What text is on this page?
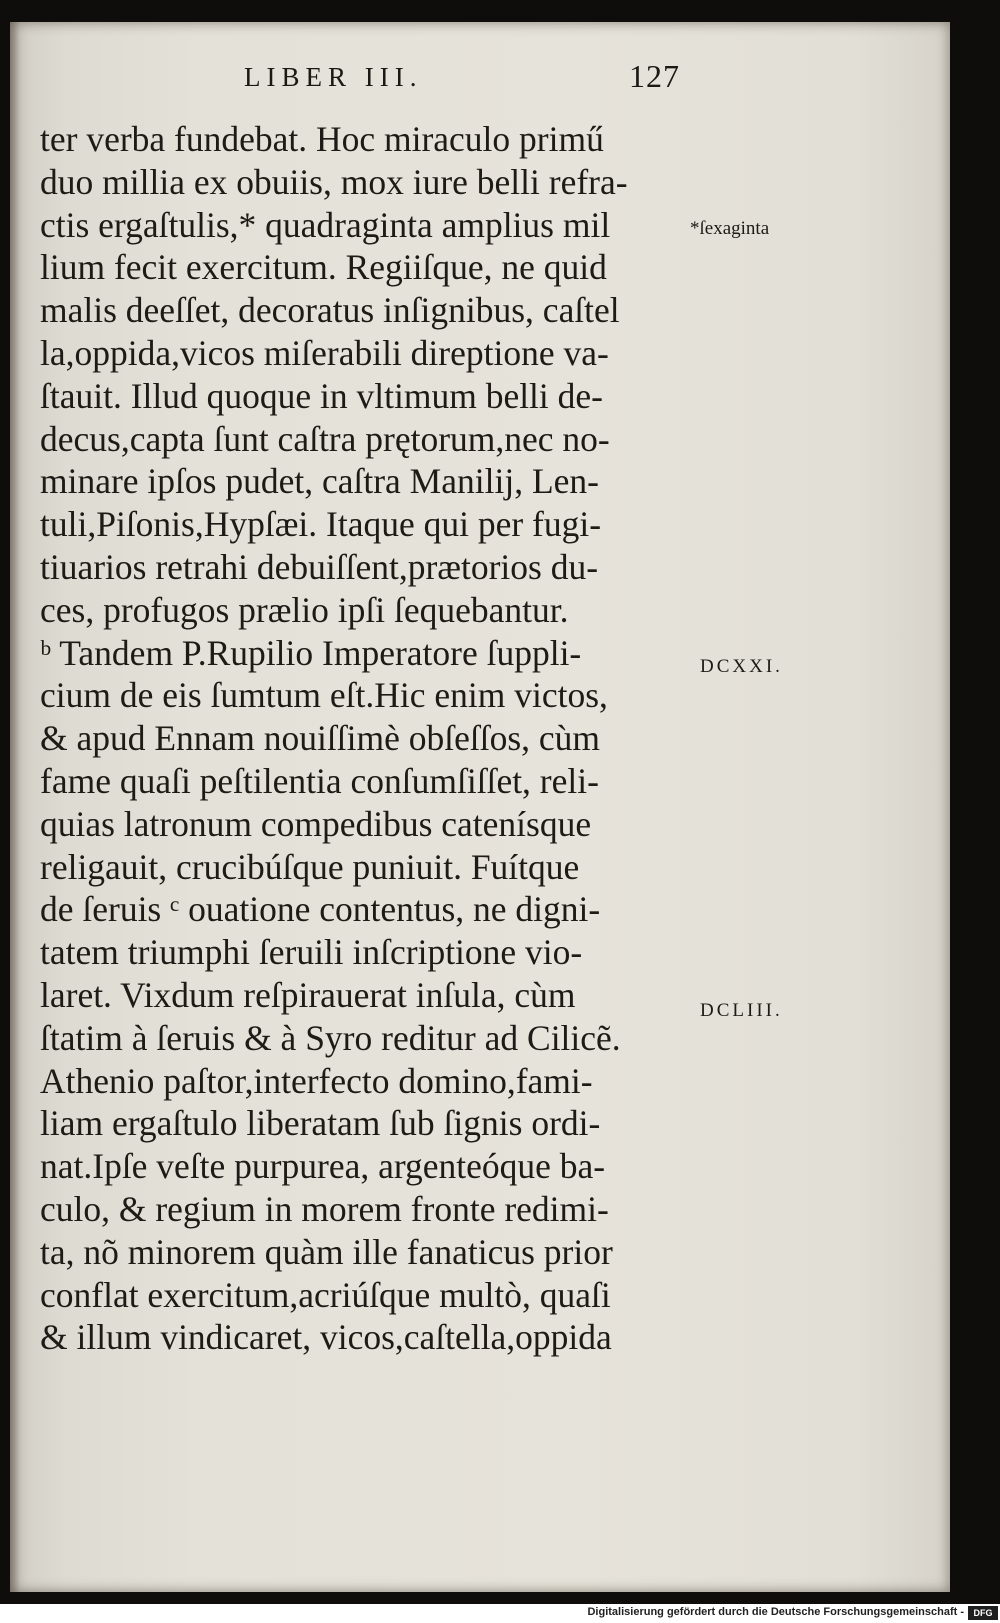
LIBER III.	127
ter verba fundebat. Hoc miraculo primű
duo millia ex obuiis, mox iure belli refra-
ctis ergaſtulis,* quadraginta amplius mil
lium fecit exercitum. Regiiſque, ne quid
malis deeſſet, decoratus inſignibus, caſtel
la,oppida,vicos miſerabili direptione va-
ſtauit. Illud quoque in vltimum belli de-
decus,capta ſunt caſtra prętorum,nec no-
minare ipſos pudet, caſtra Manilij, Len-
tuli,Piſonis,Hypſæi. Itaque qui per fugi-
tiuarios retrahi debuiſſent,prætorios du-
ces, profugos prælio ipſi ſequebantur.
ᵇ Tandem P.Rupilio Imperatore ſuppli-
cium de eis ſumtum eſt.Hic enim victos,
& apud Ennam nouiſſimè obſeſſos, cùm
fame quaſi peſtilentia conſumſiſſet, reli-
quias latronum compedibus catenísque
religauit, crucibúſque puniuit. Fuítque
de ſeruis ᶜ ouatione contentus, ne digni-
tatem triumphi ſeruili inſcriptione vio-
laret. Vixdum reſpirauerat inſula, cùm
ſtatim à ſeruis & à Syro reditur ad Cilicẽ.
Athenio paſtor,interfecto domino,fami-
liam ergaſtulo liberatam ſub ſignis ordi-
nat.Ipſe veſte purpurea, argenteóque ba-
culo, & regium in morem fronte redimi-
ta, nõ minorem quàm ille fanaticus prior
conflat exercitum,acriúſque multò, quaſi
& illum vindicaret, vicos,caſtella,oppida
*ſexaginta
DCXXI.
DCLIII.
Digitalisierung gefördert durch die Deutsche Forschungsgemeinschaft -	DFG
